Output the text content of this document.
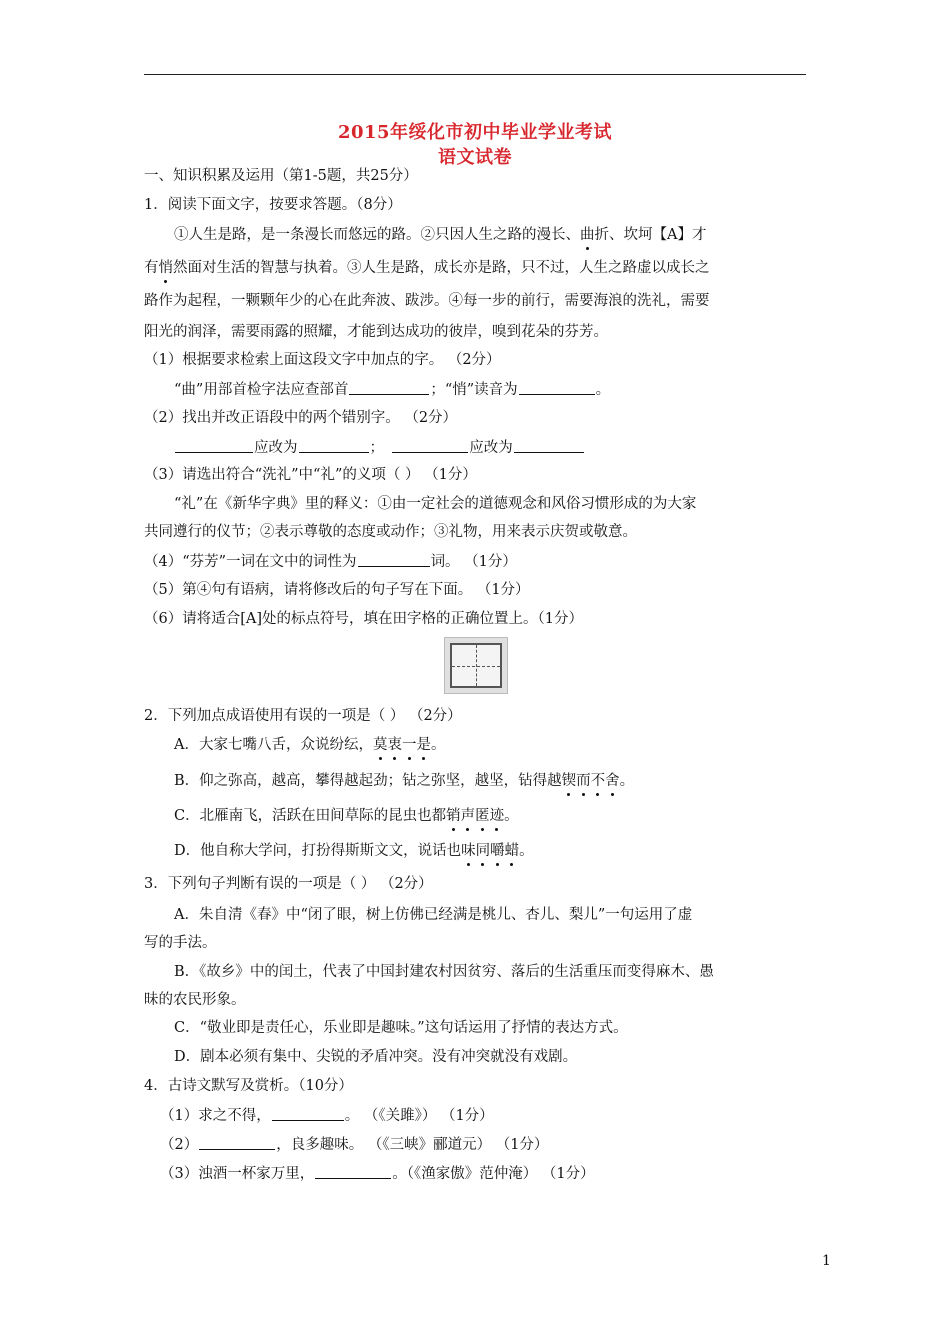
2015年绥化市初中毕业学业考试
语文试卷
一、知识积累及运用（第1-5题，共25分）
1．阅读下面文字，按要求答题。（8分）
①人生是路，是一条漫长而悠远的路。②只因人生之路的漫长、曲折、坎坷【A】才
有悄然面对生活的智慧与执着。③人生是路，成长亦是路，只不过，人生之路虚以成长之
路作为起程，一颗颗年少的心在此奔波、跋涉。④每一步的前行，需要海浪的洗礼，需要
阳光的润泽，需要雨露的照耀，才能到达成功的彼岸，嗅到花朵的芬芳。
（1）根据要求检索上面这段文字中加点的字。 （2分）
“曲”用部首检字法应查部首	；“悄”读音为	。
（2）找出并改正语段中的两个错别字。 （2分）
应改为	；　	应改为
（3）请选出符合“洗礼”中“礼”的义项（ ） （1分）
“礼”在《新华字典》里的释义：①由一定社会的道德观念和风俗习惯形成的为大家
共同遵行的仪节；②表示尊敬的态度或动作；③礼物，用来表示庆贺或敬意。
（4）“芬芳”一词在文中的词性为	词。 （1分）
（5）第④句有语病，请将修改后的句子写在下面。 （1分）
（6）请将适合[A]处的标点符号，填在田字格的正确位置上。（1分）
2．下列加点成语使用有误的一项是（ ） （2分）
A．大家七嘴八舌，众说纷纭，莫衷一是。
B．仰之弥高，越高，攀得越起劲；钻之弥坚，越坚，钻得越锲而不舍。
C．北雁南飞，活跃在田间草际的昆虫也都销声匿迹。
D．他自称大学问，打扮得斯斯文文，说话也味同嚼蜡。
3．下列句子判断有误的一项是（ ） （2分）
A．朱自清《春》中“闭了眼，树上仿佛已经满是桃儿、杏儿、梨儿”一句运用了虚
写的手法。
B．《故乡》中的闰土，代表了中国封建农村因贫穷、落后的生活重压而变得麻木、愚
昧的农民形象。
C．“敬业即是责任心，乐业即是趣味。”这句话运用了抒情的表达方式。
D．剧本必须有集中、尖锐的矛盾冲突。没有冲突就没有戏剧。
4．古诗文默写及赏析。（10分）
（1）求之不得，	。 （《关雎》） （1分）
（2）	，良多趣味。 （《三峡》郦道元） （1分）
（3）浊酒一杯家万里，	。（《渔家傲》范仲淹） （1分）
1
